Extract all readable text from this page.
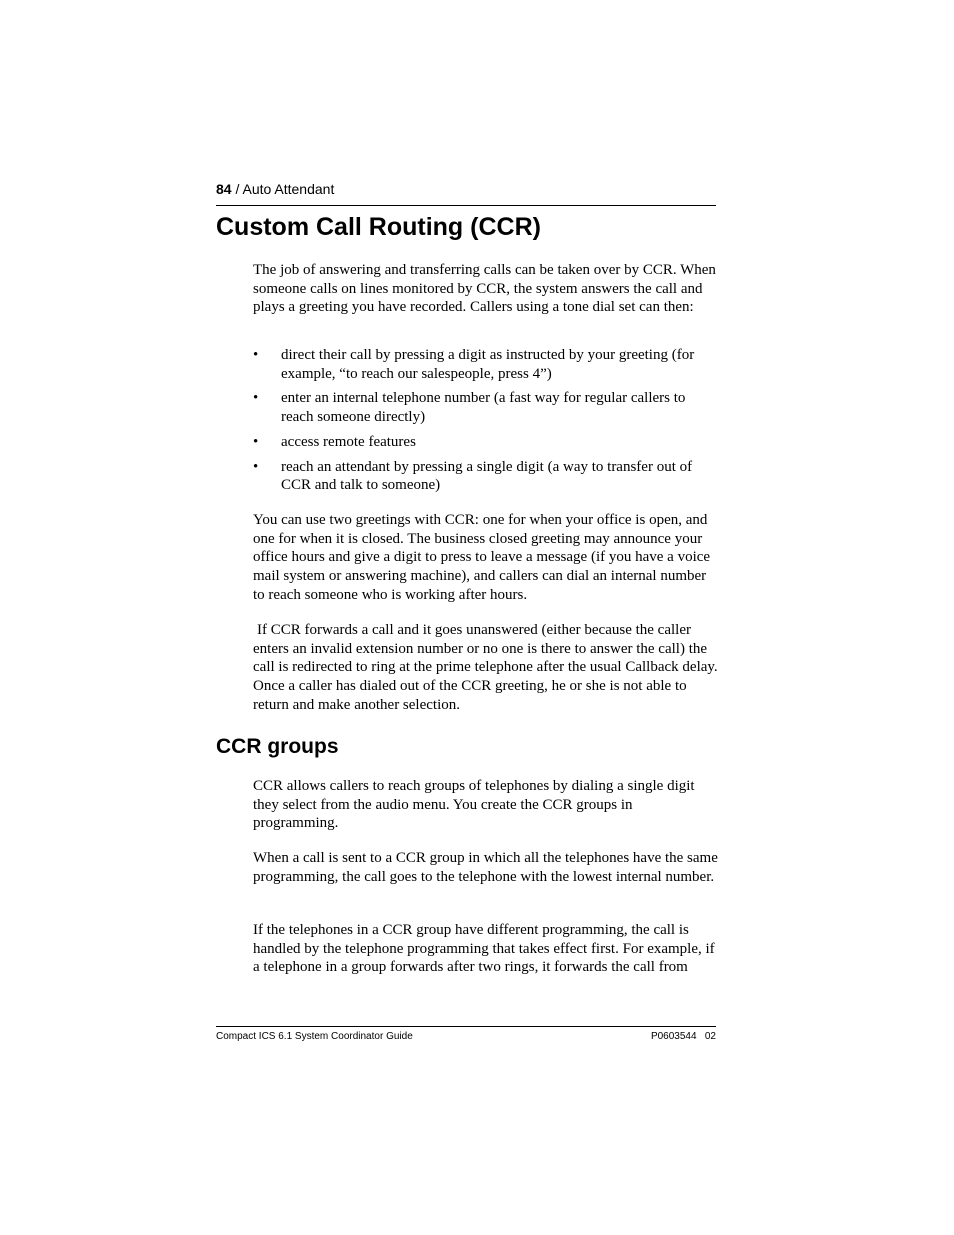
84 / Auto Attendant
Custom Call Routing (CCR)

The job of answering and transferring calls can be taken over by CCR. When someone calls on lines monitored by CCR, the system answers the call and plays a greeting you have recorded. Callers using a tone dial set can then:

•	direct their call by pressing a digit as instructed by your greeting (for example, “to reach our salespeople, press 4”)
•	enter an internal telephone number (a fast way for regular callers to reach someone directly)
•	access remote features
•	reach an attendant by pressing a single digit (a way to transfer out of CCR and talk to someone)

You can use two greetings with CCR: one for when your office is open, and one for when it is closed. The business closed greeting may announce your office hours and give a digit to press to leave a message (if you have a voice mail system or answering machine), and callers can dial an internal number to reach someone who is working after hours.

If CCR forwards a call and it goes unanswered (either because the caller enters an invalid extension number or no one is there to answer the call) the call is redirected to ring at the prime telephone after the usual Callback delay. Once a caller has dialed out of the CCR greeting, he or she is not able to return and make another selection.

CCR groups

CCR allows callers to reach groups of telephones by dialing a single digit they select from the audio menu. You create the CCR groups in programming.

When a call is sent to a CCR group in which all the telephones have the same programming, the call goes to the telephone with the lowest internal number.

If the telephones in a CCR group have different programming, the call is handled by the telephone programming that takes effect first. For example, if a telephone in a group forwards after two rings, it forwards the call from

Compact ICS 6.1 System Coordinator Guide	P0603544   02
